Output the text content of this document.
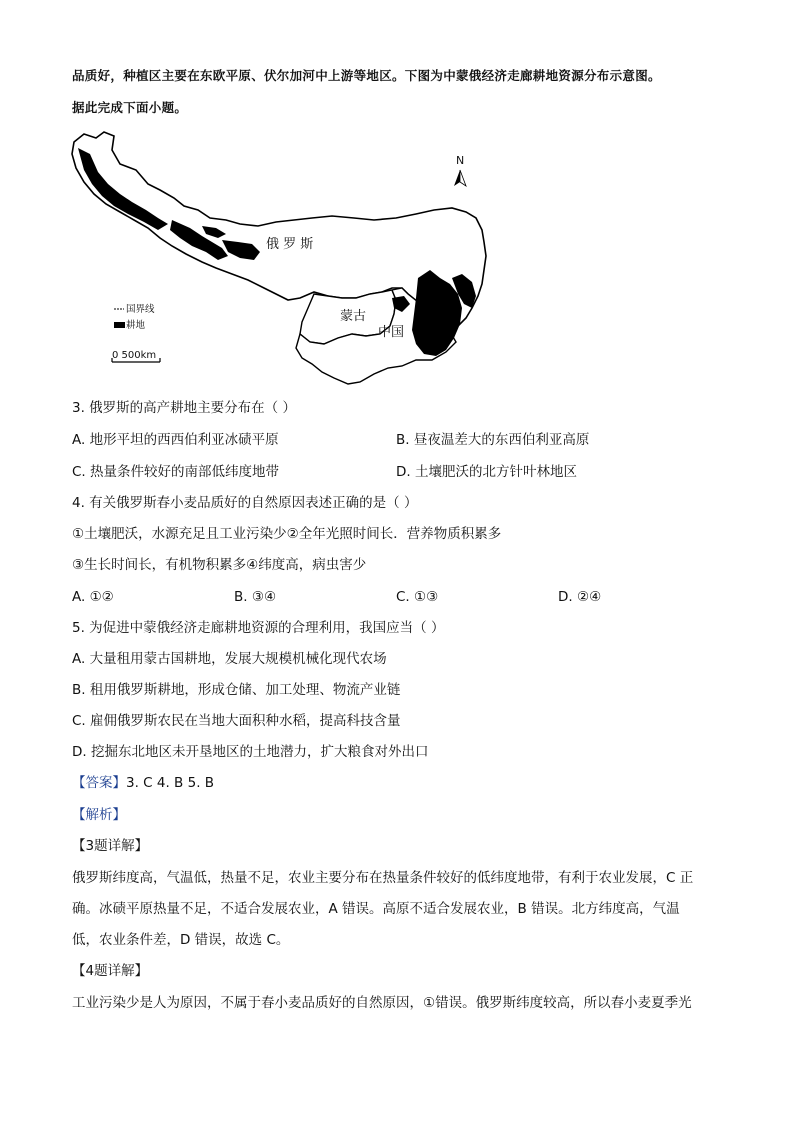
品质好，种植区主要在东欧平原、伏尔加河中上游等地区。下图为中蒙俄经济走廊耕地资源分布示意图。
据此完成下面小题。
N
俄 罗 斯
蒙古
中国
国界线
耕地
0 500km
3. 俄罗斯的高产耕地主要分布在（ ）
A. 地形平坦的西西伯利亚冰碛平原	B. 昼夜温差大的东西伯利亚高原
C. 热量条件较好的南部低纬度地带	D. 土壤肥沃的北方针叶林地区
4. 有关俄罗斯春小麦品质好的自然原因表述正确的是（ ）
①土壤肥沃，水源充足且工业污染少②全年光照时间长．营养物质积累多
③生长时间长，有机物积累多④纬度高，病虫害少
A. ①②	B. ③④	C. ①③	D. ②④
5. 为促进中蒙俄经济走廊耕地资源的合理利用，我国应当（ ）
A. 大量租用蒙古国耕地，发展大规模机械化现代农场
B. 租用俄罗斯耕地，形成仓储、加工处理、物流产业链
C. 雇佣俄罗斯农民在当地大面积种水稻，提高科技含量
D. 挖掘东北地区未开垦地区的土地潜力，扩大粮食对外出口
【答案】3. C 4. B 5. B
【解析】
【3题详解】
俄罗斯纬度高，气温低，热量不足，农业主要分布在热量条件较好的低纬度地带，有利于农业发展，C 正
确。冰碛平原热量不足，不适合发展农业，A 错误。高原不适合发展农业，B 错误。北方纬度高，气温
低，农业条件差，D 错误，故选 C。
【4题详解】
工业污染少是人为原因，不属于春小麦品质好的自然原因，①错误。俄罗斯纬度较高，所以春小麦夏季光
